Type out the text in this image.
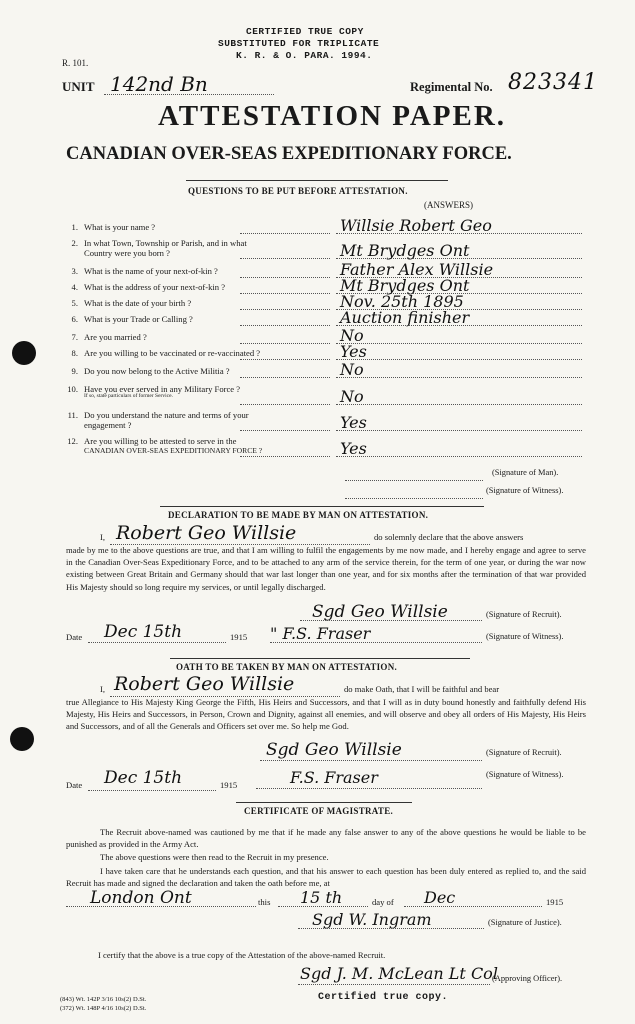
CERTIFIED TRUE COPY
SUBSTITUTED FOR TRIPLICATE
K. R. & O. PARA. 1994.
R. 101.
UNIT 142nd Bn	Regimental No. 823341
ATTESTATION PAPER.
CANADIAN OVER-SEAS EXPEDITIONARY FORCE.
QUESTIONS TO BE PUT BEFORE ATTESTATION.
(ANSWERS)
1. What is your name ?	Willsie Robert Geo
2. In what Town, Township or Parish, and in what
Country were you born ?	Mt Brydges Ont
3. What is the name of your next-of-kin ?	Father Alex Willsie
4. What is the address of your next-of-kin ?	Mt Brydges Ont
5. What is the date of your birth ?	Nov. 25th 1895
6. What is your Trade or Calling ?	Auction finisher
7. Are you married ?	No
8. Are you willing to be vaccinated or re-vaccinated ?	Yes
9. Do you now belong to the Active Militia ?	No
10. Have you ever served in any Military Force ?
If so, state particulars of former Service.	No
11. Do you understand the nature and terms of your
engagement ?	Yes
12. Are you willing to be attested to serve in the
CANADIAN OVER-SEAS EXPEDITIONARY FORCE ?	Yes
(Signature of Man).
(Signature of Witness).
DECLARATION TO BE MADE BY MAN ON ATTESTATION.
I, Robert Geo Willsie	do solemnly declare that the above answers
made by me to the above questions are true, and that I am willing to fulfil the engagements by me now made, and I hereby engage and agree to serve in the Canadian Over-Seas Expeditionary Force, and to be attached to any arm of the service therein, for the term of one year, or during the war now existing between Great Britain and Germany should that war last longer than one year, and for six months after the termination of that war provided His Majesty should so long require my services, or until legally discharged.
Sgd Geo Willsie	(Signature of Recruit).
Date Dec 15th	1915 " F.S. Fraser	(Signature of Witness).
OATH TO BE TAKEN BY MAN ON ATTESTATION.
I, Robert Geo Willsie	do make Oath, that I will be faithful and bear
true Allegiance to His Majesty King George the Fifth, His Heirs and Successors, and that I will as in duty bound honestly and faithfully defend His Majesty, His Heirs and Successors, in Person, Crown and Dignity, against all enemies, and will observe and obey all orders of His Majesty, His Heirs and Successors, and of all the Generals and Officers set over me. So help me God.
Sgd Geo Willsie	(Signature of Recruit).
Date Dec 15th	1915	F.S. Fraser	(Signature of Witness).
CERTIFICATE OF MAGISTRATE.
The Recruit above-named was cautioned by me that if he made any false answer to any of the above questions he would be liable to be punished as provided in the Army Act.
The above questions were then read to the Recruit in my presence.
I have taken care that he understands each question, and that his answer to each question has been duly entered as replied to, and the said Recruit has made and signed the declaration and taken the oath before me, at
London Ont	this 15 th	day of Dec	1915
Sgd W. Ingram	(Signature of Justice).
I certify that the above is a true copy of the Attestation of the above-named Recruit.
Sgd J. M. McLean Lt Col
(Approving Officer).
Certified true copy.
(843) Wt. 142P 3/16 10s(2) D.St.
(372) Wt. 148P 4/16 10s(2) D.St.
